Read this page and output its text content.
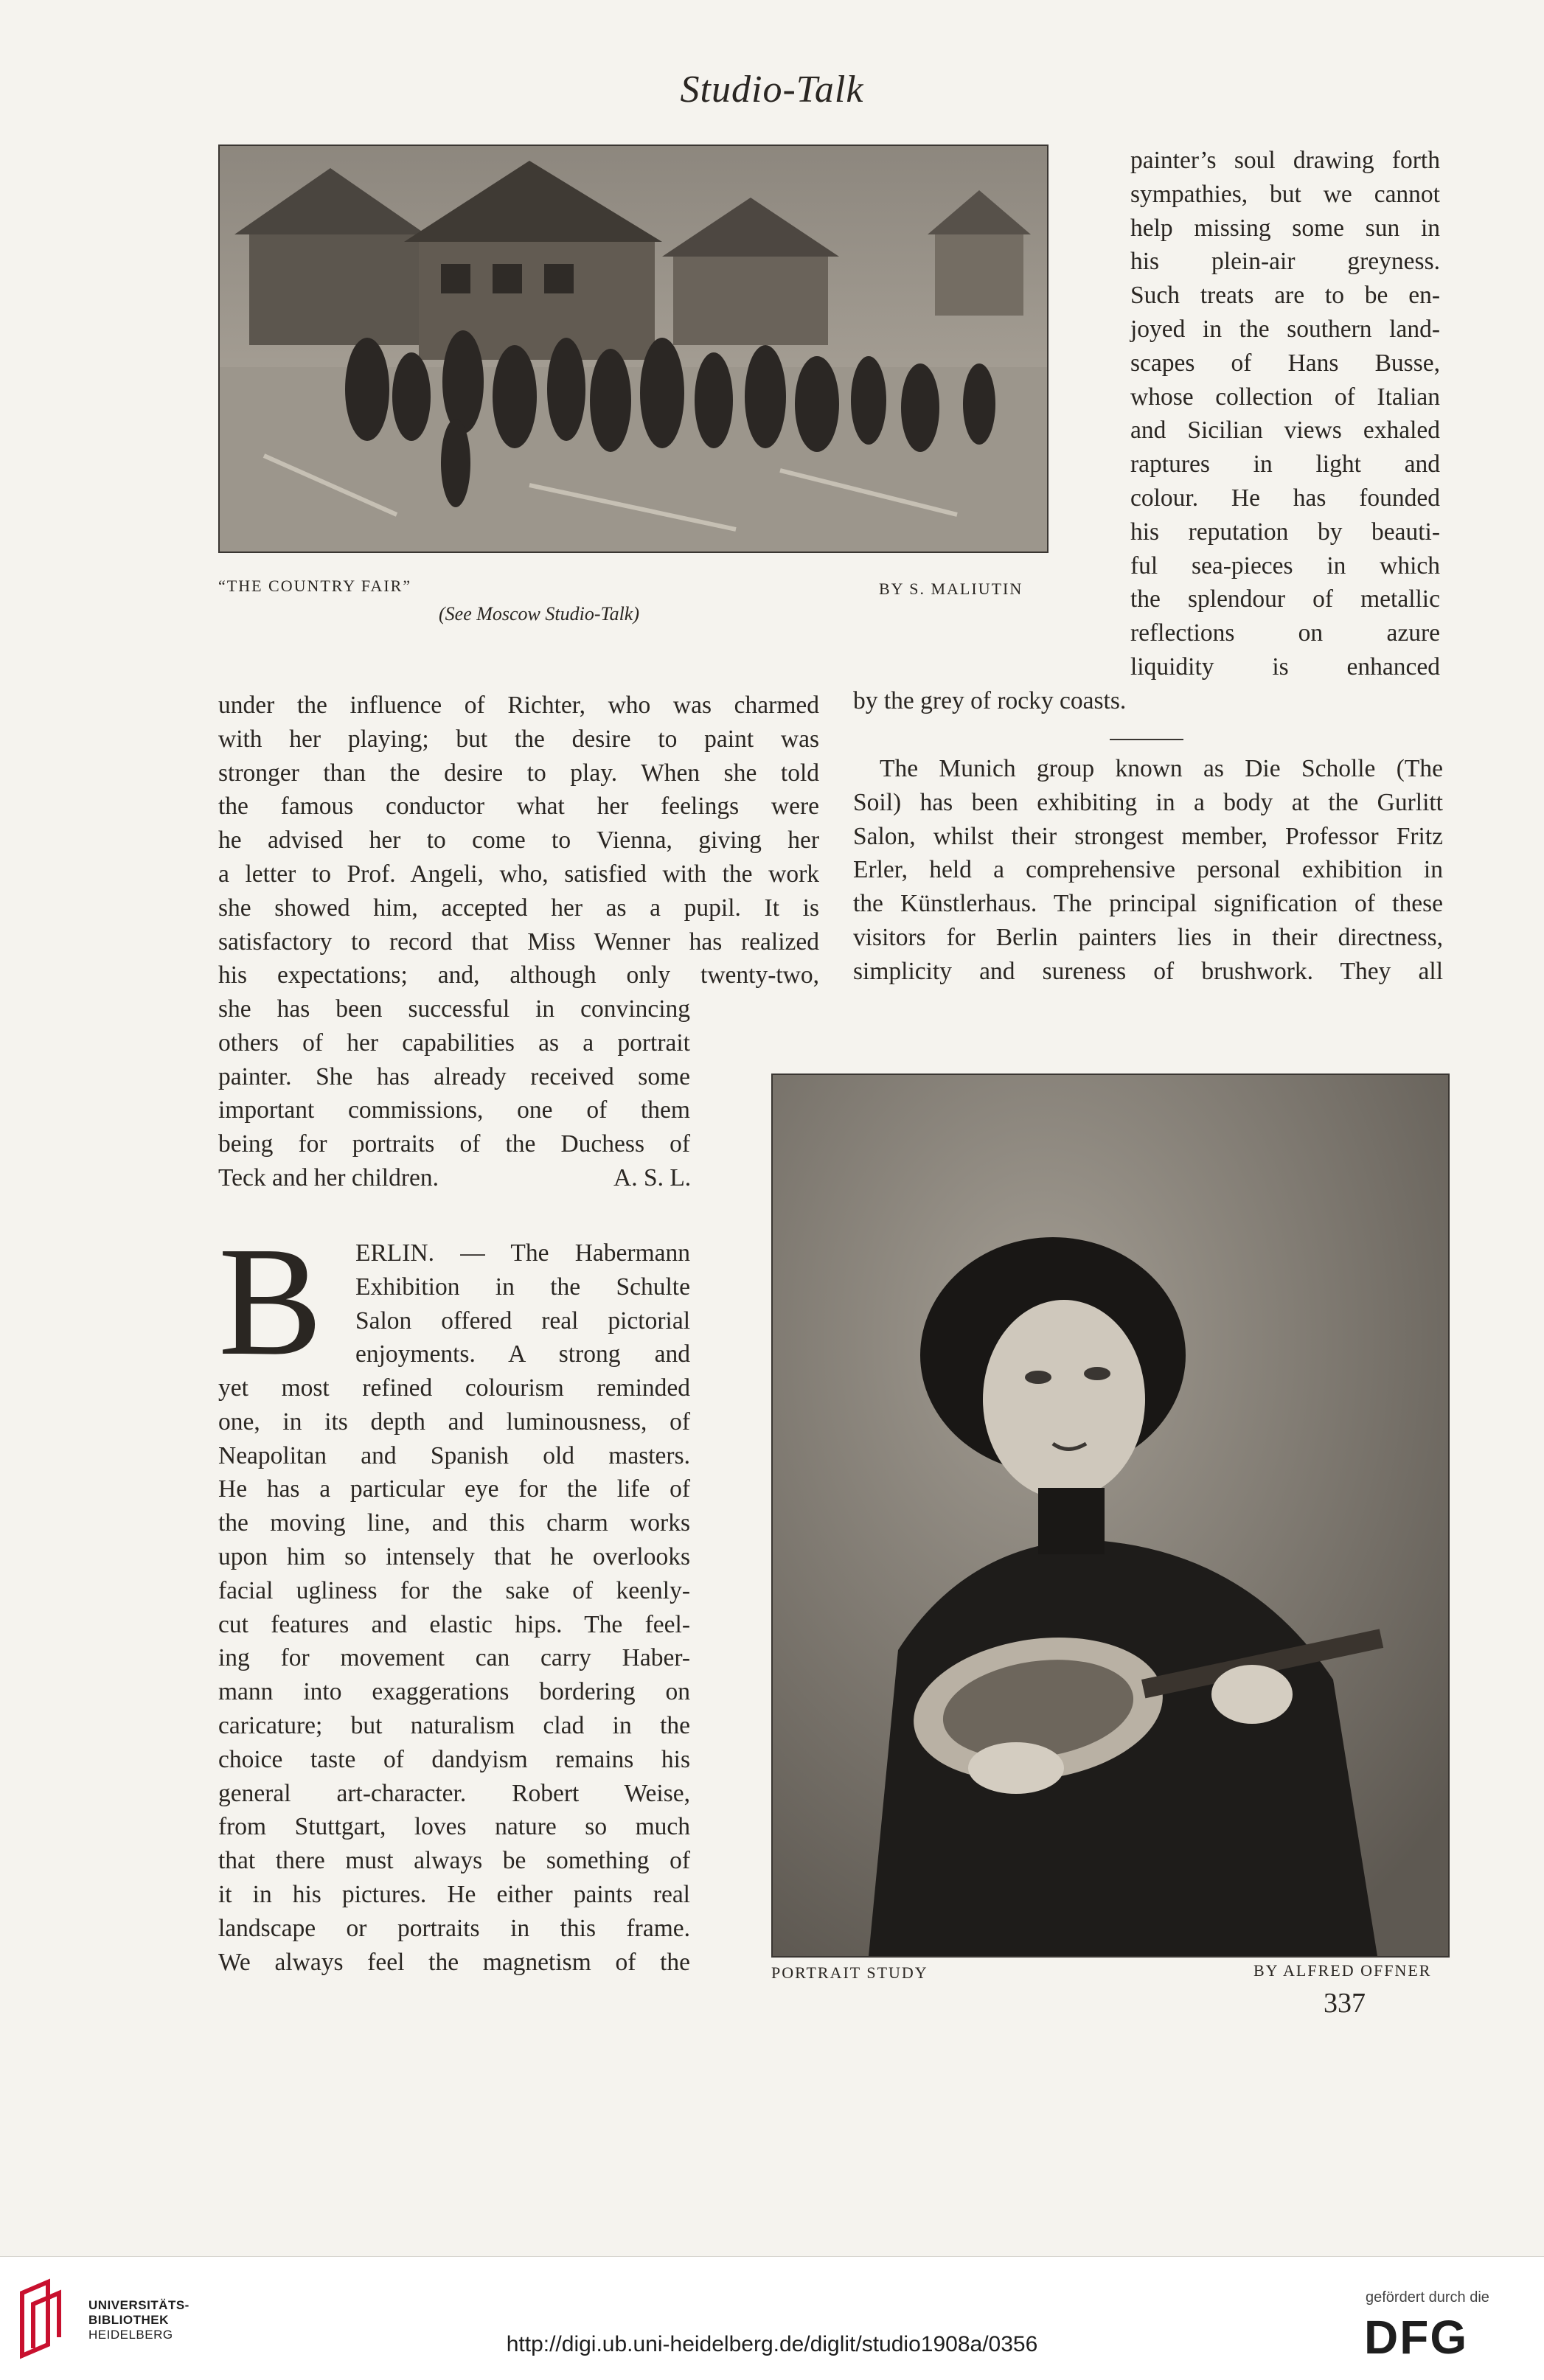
Studio-Talk
“THE COUNTRY FAIR”	BY S. MALIUTIN
(See Moscow Studio-Talk)
painter’s soul drawing forth
sympathies, but we cannot
help missing some sun in
his plein-air greyness.
Such treats are to be en-
joyed in the southern land-
scapes of Hans Busse,
whose collection of Italian
and Sicilian views exhaled
raptures in light and
colour. He has founded
his reputation by beauti-
ful sea-pieces in which
the splendour of metallic
reflections on azure
liquidity is enhanced
by the grey of rocky coasts.
The Munich group known as Die Scholle (The
Soil) has been exhibiting in a body at the Gurlitt
Salon, whilst their strongest member, Professor Fritz
Erler, held a comprehensive personal exhibition in
the Künstlerhaus. The principal signification of these
visitors for Berlin painters lies in their directness,
simplicity and sureness of brushwork. They all
under the influence of Richter, who was charmed
with her playing; but the desire to paint was
stronger than the desire to play. When she told
the famous conductor what her feelings were
he advised her to come to Vienna, giving her
a letter to Prof. Angeli, who, satisfied with the work
she showed him, accepted her as a pupil. It is
satisfactory to record that Miss Wenner has realized
his expectations; and, although only twenty-two,
she has been successful in convincing
others of her capabilities as a portrait
painter. She has already received some
important commissions, one of them
being for portraits of the Duchess of
Teck and her children.	A. S. L.
B ERLIN. — The Habermann
Exhibition in the Schulte
Salon offered real pictorial
enjoyments. A strong and
yet most refined colourism reminded
one, in its depth and luminousness, of
Neapolitan and Spanish old masters.
He has a particular eye for the life of
the moving line, and this charm works
upon him so intensely that he overlooks
facial ugliness for the sake of keenly-
cut features and elastic hips. The feel-
ing for movement can carry Haber-
mann into exaggerations bordering on
caricature; but naturalism clad in the
choice taste of dandyism remains his
general art-character. Robert Weise,
from Stuttgart, loves nature so much
that there must always be something of
it in his pictures. He either paints real
landscape or portraits in this frame.
We always feel the magnetism of the	PORTRAIT STUDY	BY ALFRED OFFNER
337
UNIVERSITÄTS-
BIBLIOTHEK
HEIDELBERG	http://digi.ub.uni-heidelberg.de/diglit/studio1908a/0356
gefördert durch die
DFG
